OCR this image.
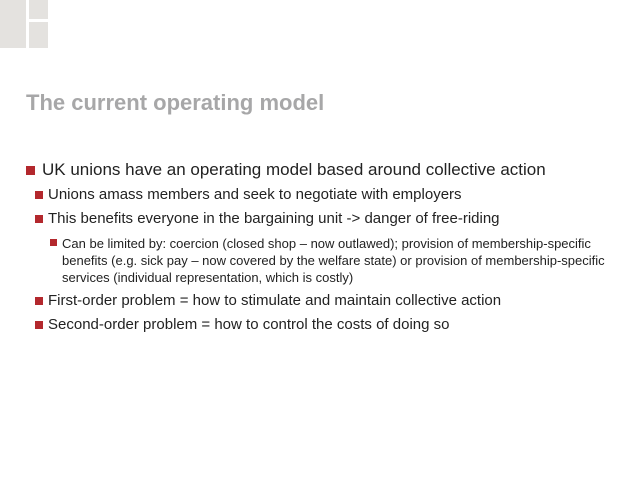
The current operating model
UK unions have an operating model based around collective action
Unions amass members and seek to negotiate with employers
This benefits everyone in the bargaining unit -> danger of free-riding
Can be limited by: coercion (closed shop – now outlawed); provision of membership-specific benefits (e.g. sick pay – now covered by the welfare state) or provision of membership-specific services (individual representation, which is costly)
First-order problem = how to stimulate and maintain collective action
Second-order problem = how to control the costs of doing so
